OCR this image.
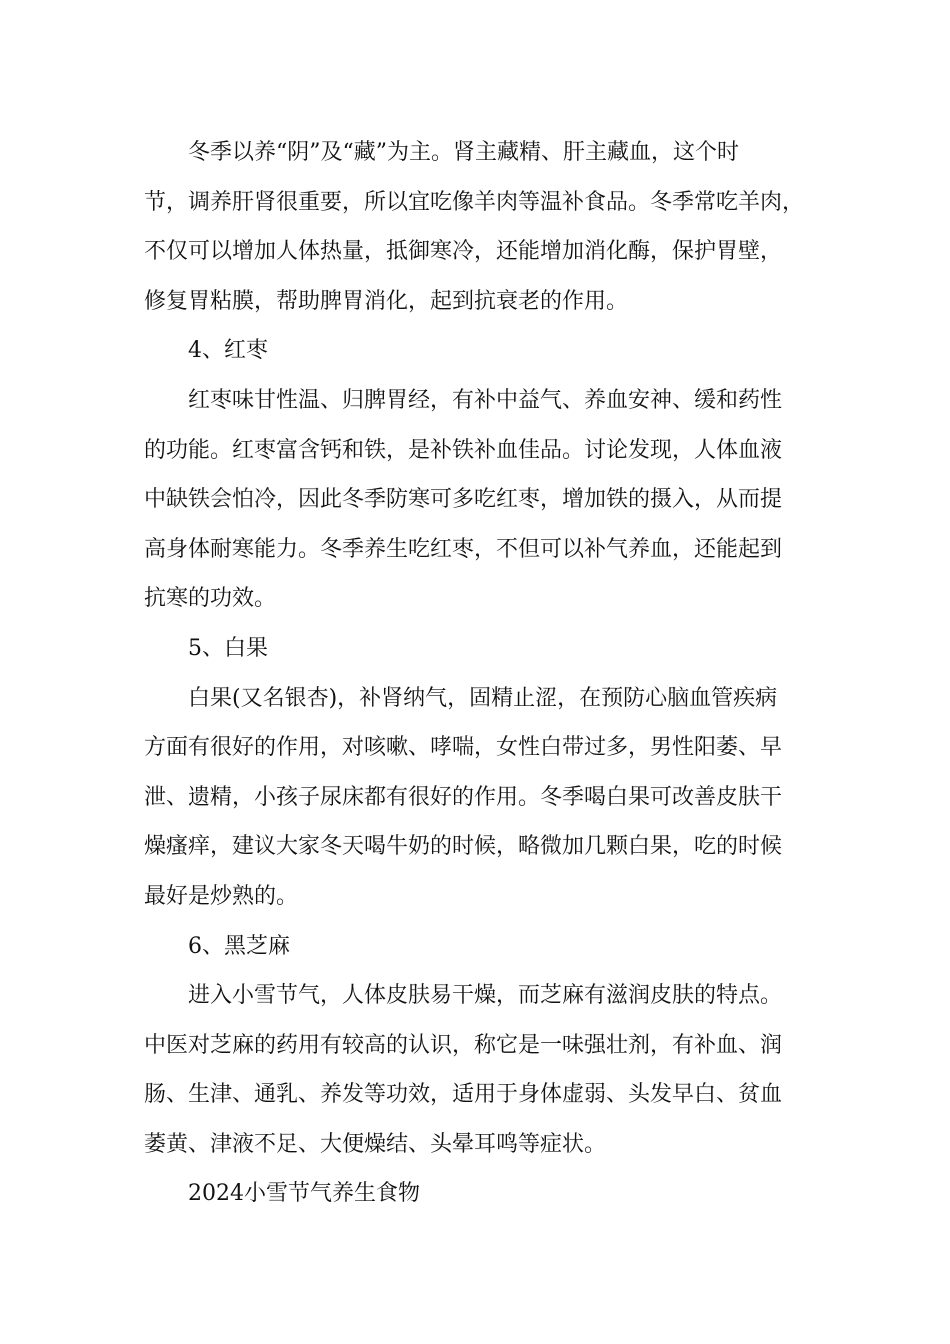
冬季以养“阴”及“藏”为主。肾主藏精、肝主藏血，这个时
节，调养肝肾很重要，所以宜吃像羊肉等温补食品。冬季常吃羊肉，
不仅可以增加人体热量，抵御寒冷，还能增加消化酶，保护胃壁，
修复胃粘膜，帮助脾胃消化，起到抗衰老的作用。
4、红枣
红枣味甘性温、归脾胃经，有补中益气、养血安神、缓和药性
的功能。红枣富含钙和铁，是补铁补血佳品。讨论发现，人体血液
中缺铁会怕冷，因此冬季防寒可多吃红枣，增加铁的摄入，从而提
高身体耐寒能力。冬季养生吃红枣，不但可以补气养血，还能起到
抗寒的功效。
5、白果
白果(又名银杏)，补肾纳气，固精止涩，在预防心脑血管疾病
方面有很好的作用，对咳嗽、哮喘，女性白带过多，男性阳萎、早
泄、遗精，小孩子尿床都有很好的作用。冬季喝白果可改善皮肤干
燥瘙痒，建议大家冬天喝牛奶的时候，略微加几颗白果，吃的时候
最好是炒熟的。
6、黑芝麻
进入小雪节气，人体皮肤易干燥，而芝麻有滋润皮肤的特点。
中医对芝麻的药用有较高的认识，称它是一味强壮剂，有补血、润
肠、生津、通乳、养发等功效，适用于身体虚弱、头发早白、贫血
萎黄、津液不足、大便燥结、头晕耳鸣等症状。
2024小雪节气养生食物
